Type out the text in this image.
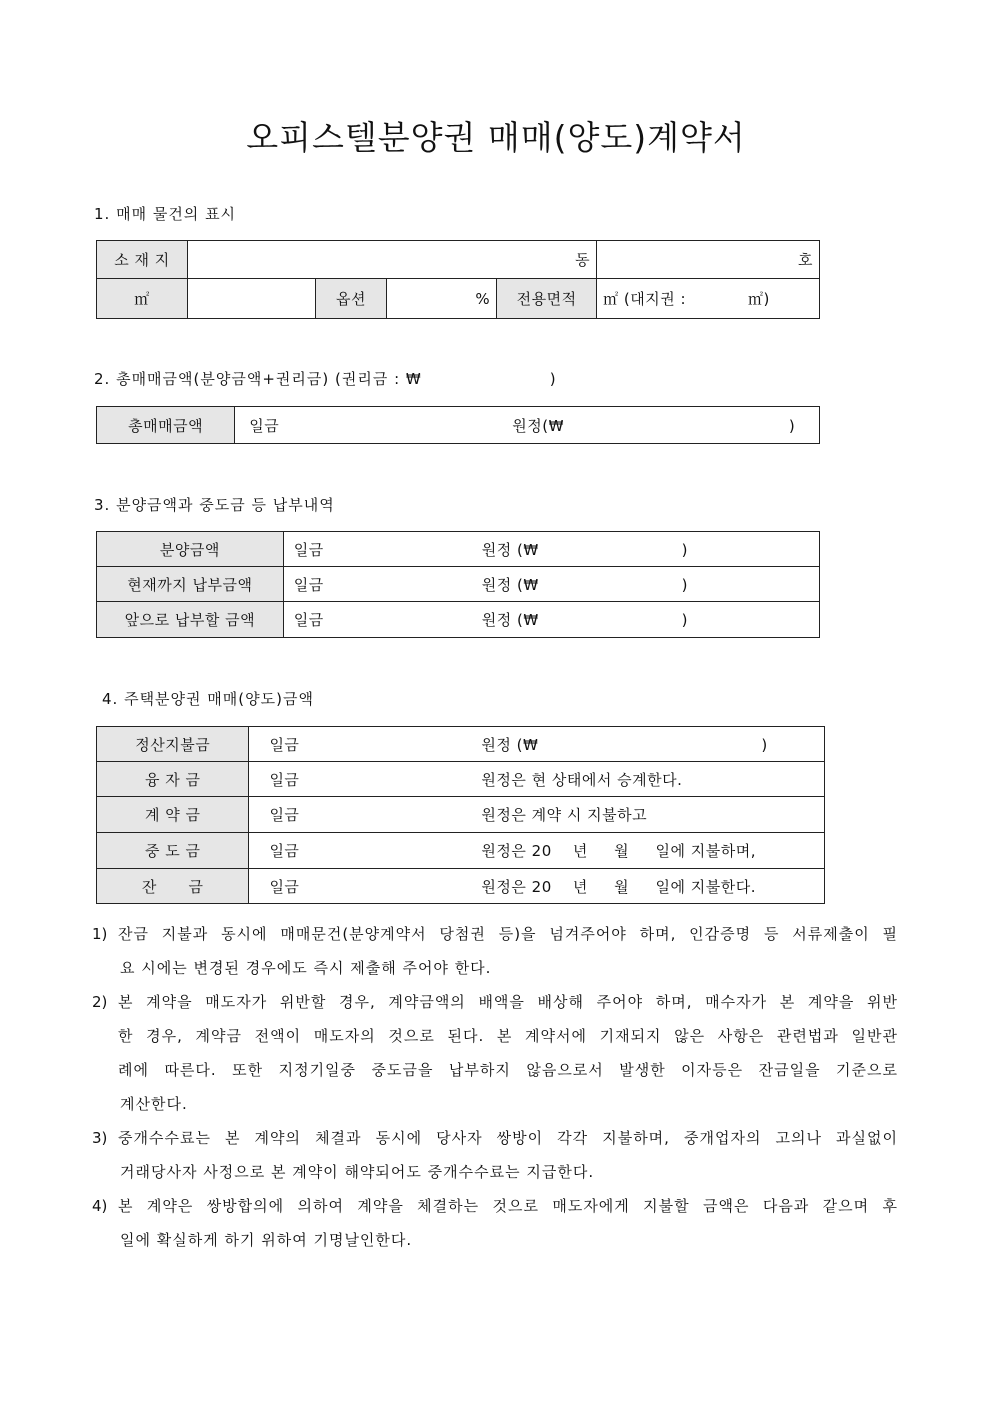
오피스텔분양권 매매(양도)계약서
1. 매매 물건의 표시
소 재 지	동				호
㎡		옵션	%	전용면적	㎡ (대지권 : ㎡)
2. 총매매금액(분양금액+권리금) (권리금 : ₩	)
총매매금액	일금	원정(₩	)
3. 분양금액과 중도금 등 납부내역
분양금액	일금 원정 (₩ )
현재까지 납부금액	일금 원정 (₩ )
앞으로 납부할 금액	일금 원정 (₩ )
4. 주택분양권 매매(양도)금액
정산지불금	일금 원정 (₩ )
융 자 금	일금 원정은 현 상태에서 승계한다.
계 약 금	일금 원정은 계약 시 지불하고
중 도 금	일금 원정은 20    년     월     일에 지불하며,
잔      금	일금 원정은 20    년     월     일에 지불한다.
1) 잔금 지불과 동시에 매매문건(분양계약서 당첨권 등)을 넘겨주어야 하며, 인감증명 등 서류제출이 필
요 시에는 변경된 경우에도 즉시 제출해 주어야 한다.
2) 본 계약을 매도자가 위반할 경우, 계약금액의 배액을 배상해 주어야 하며, 매수자가 본 계약을 위반
한 경우, 계약금 전액이 매도자의 것으로 된다. 본 계약서에 기재되지 않은 사항은 관련법과 일반관
례에 따른다. 또한 지정기일중 중도금을 납부하지 않음으로서 발생한 이자등은 잔금일을 기준으로
계산한다.
3) 중개수수료는 본 계약의 체결과 동시에 당사자 쌍방이 각각 지불하며, 중개업자의 고의나 과실없이
거래당사자 사정으로 본 계약이 해약되어도 중개수수료는 지급한다.
4) 본 계약은 쌍방합의에 의하여 계약을 체결하는 것으로 매도자에게 지불할 금액은 다음과 같으며 후
일에 확실하게 하기 위하여 기명날인한다.
